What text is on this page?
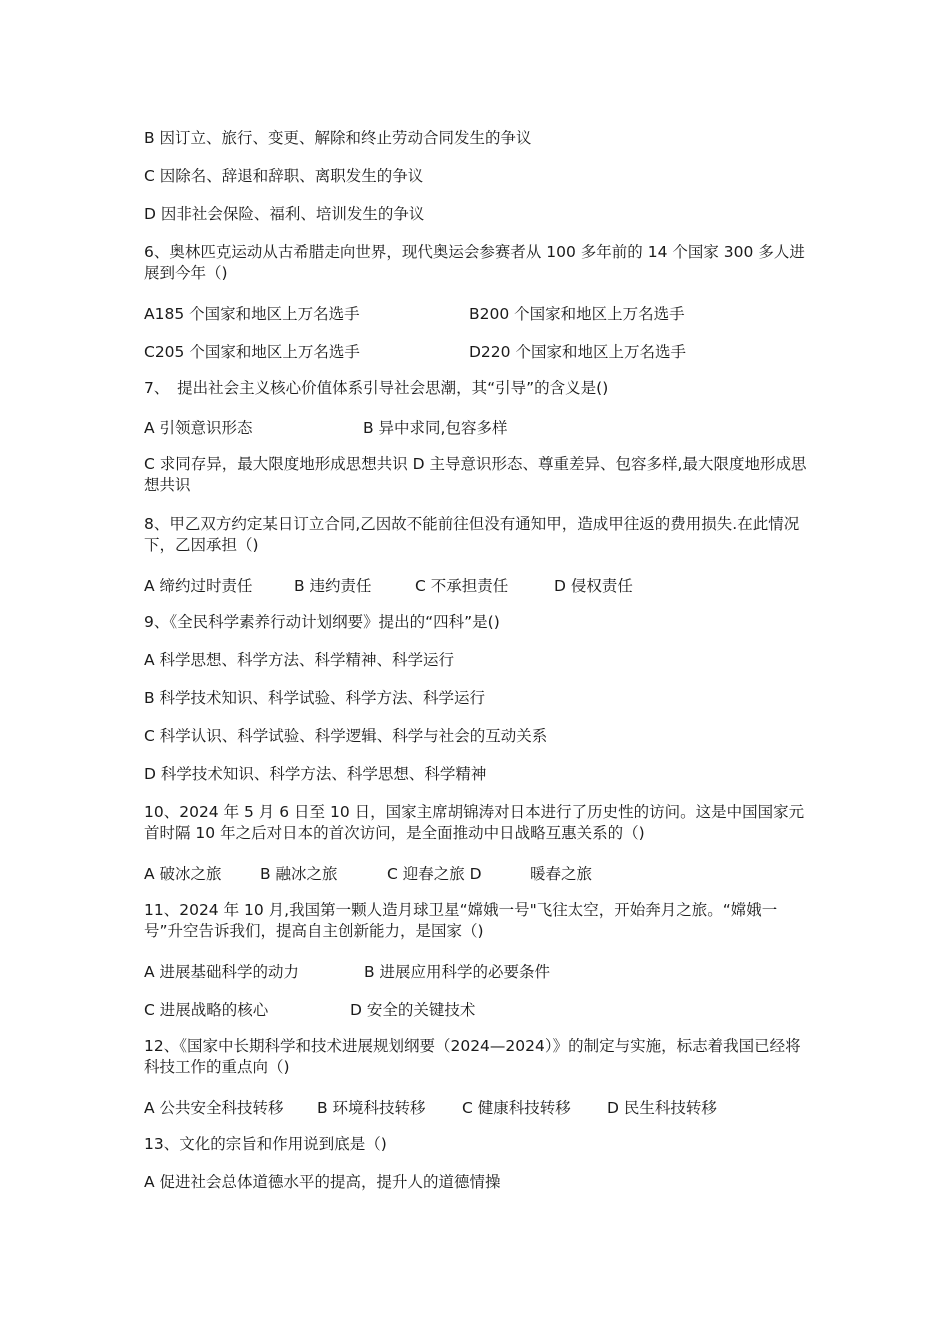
B 因订立、旅行、变更、解除和终止劳动合同发生的争议
C 因除名、辞退和辞职、离职发生的争议
D 因非社会保险、福利、培训发生的争议
6、奥林匹克运动从古希腊走向世界，现代奥运会参赛者从 100 多年前的 14 个国家 300 多人进展到今年（)
A185 个国家和地区上万名选手	B200 个国家和地区上万名选手
C205 个国家和地区上万名选手	D220 个国家和地区上万名选手
7、　提出社会主义核心价值体系引导社会思潮，其“引导”的含义是()
A 引领意识形态	B 异中求同,包容多样
C 求同存异，最大限度地形成思想共识 D 主导意识形态、尊重差异、包容多样,最大限度地形成思想共识
8、甲乙双方约定某日订立合同,乙因故不能前往但没有通知甲，造成甲往返的费用损失.在此情况下，乙因承担（)
A 缔约过时责任	B 违约责任	C 不承担责任	D 侵权责任
9、《全民科学素养行动计划纲要》提出的“四科”是()
A 科学思想、科学方法、科学精神、科学运行
B 科学技术知识、科学试验、科学方法、科学运行
C 科学认识、科学试验、科学逻辑、科学与社会的互动关系
D 科学技术知识、科学方法、科学思想、科学精神
10、2024 年 5 月 6 日至 10 日，国家主席胡锦涛对日本进行了历史性的访问。这是中国国家元首时隔 10 年之后对日本的首次访问，是全面推动中日战略互惠关系的（)
A 破冰之旅 B 融冰之旅	C 迎春之旅 D	暖春之旅
11、2024 年 10 月,我国第一颗人造月球卫星“嫦娥一号"飞往太空，开始奔月之旅。“嫦娥一号”升空告诉我们，提高自主创新能力，是国家（)
A 进展基础科学的动力	B 进展应用科学的必要条件
C 进展战略的核心	D 安全的关键技术
12、《国家中长期科学和技术进展规划纲要（2024—2024）》的制定与实施，标志着我国已经将科技工作的重点向（)
A 公共安全科技转移 B 环境科技转移 C 健康科技转移 D 民生科技转移
13、文化的宗旨和作用说到底是（)
A 促进社会总体道德水平的提高，提升人的道德情操
